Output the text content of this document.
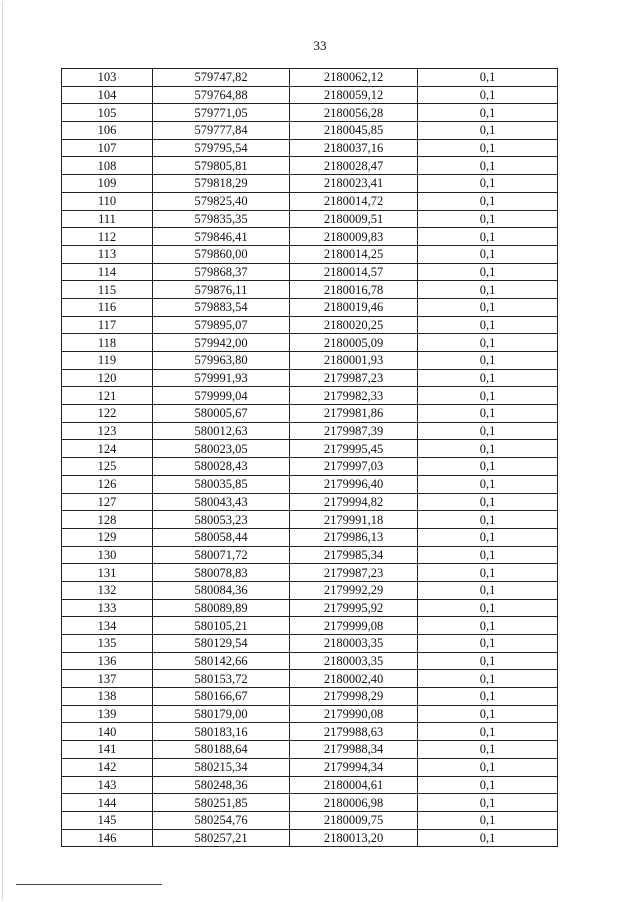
33
103	579747,82	2180062,12	0,1
104	579764,88	2180059,12	0,1
105	579771,05	2180056,28	0,1
106	579777,84	2180045,85	0,1
107	579795,54	2180037,16	0,1
108	579805,81	2180028,47	0,1
109	579818,29	2180023,41	0,1
110	579825,40	2180014,72	0,1
111	579835,35	2180009,51	0,1
112	579846,41	2180009,83	0,1
113	579860,00	2180014,25	0,1
114	579868,37	2180014,57	0,1
115	579876,11	2180016,78	0,1
116	579883,54	2180019,46	0,1
117	579895,07	2180020,25	0,1
118	579942,00	2180005,09	0,1
119	579963,80	2180001,93	0,1
120	579991,93	2179987,23	0,1
121	579999,04	2179982,33	0,1
122	580005,67	2179981,86	0,1
123	580012,63	2179987,39	0,1
124	580023,05	2179995,45	0,1
125	580028,43	2179997,03	0,1
126	580035,85	2179996,40	0,1
127	580043,43	2179994,82	0,1
128	580053,23	2179991,18	0,1
129	580058,44	2179986,13	0,1
130	580071,72	2179985,34	0,1
131	580078,83	2179987,23	0,1
132	580084,36	2179992,29	0,1
133	580089,89	2179995,92	0,1
134	580105,21	2179999,08	0,1
135	580129,54	2180003,35	0,1
136	580142,66	2180003,35	0,1
137	580153,72	2180002,40	0,1
138	580166,67	2179998,29	0,1
139	580179,00	2179990,08	0,1
140	580183,16	2179988,63	0,1
141	580188,64	2179988,34	0,1
142	580215,34	2179994,34	0,1
143	580248,36	2180004,61	0,1
144	580251,85	2180006,98	0,1
145	580254,76	2180009,75	0,1
146	580257,21	2180013,20	0,1
